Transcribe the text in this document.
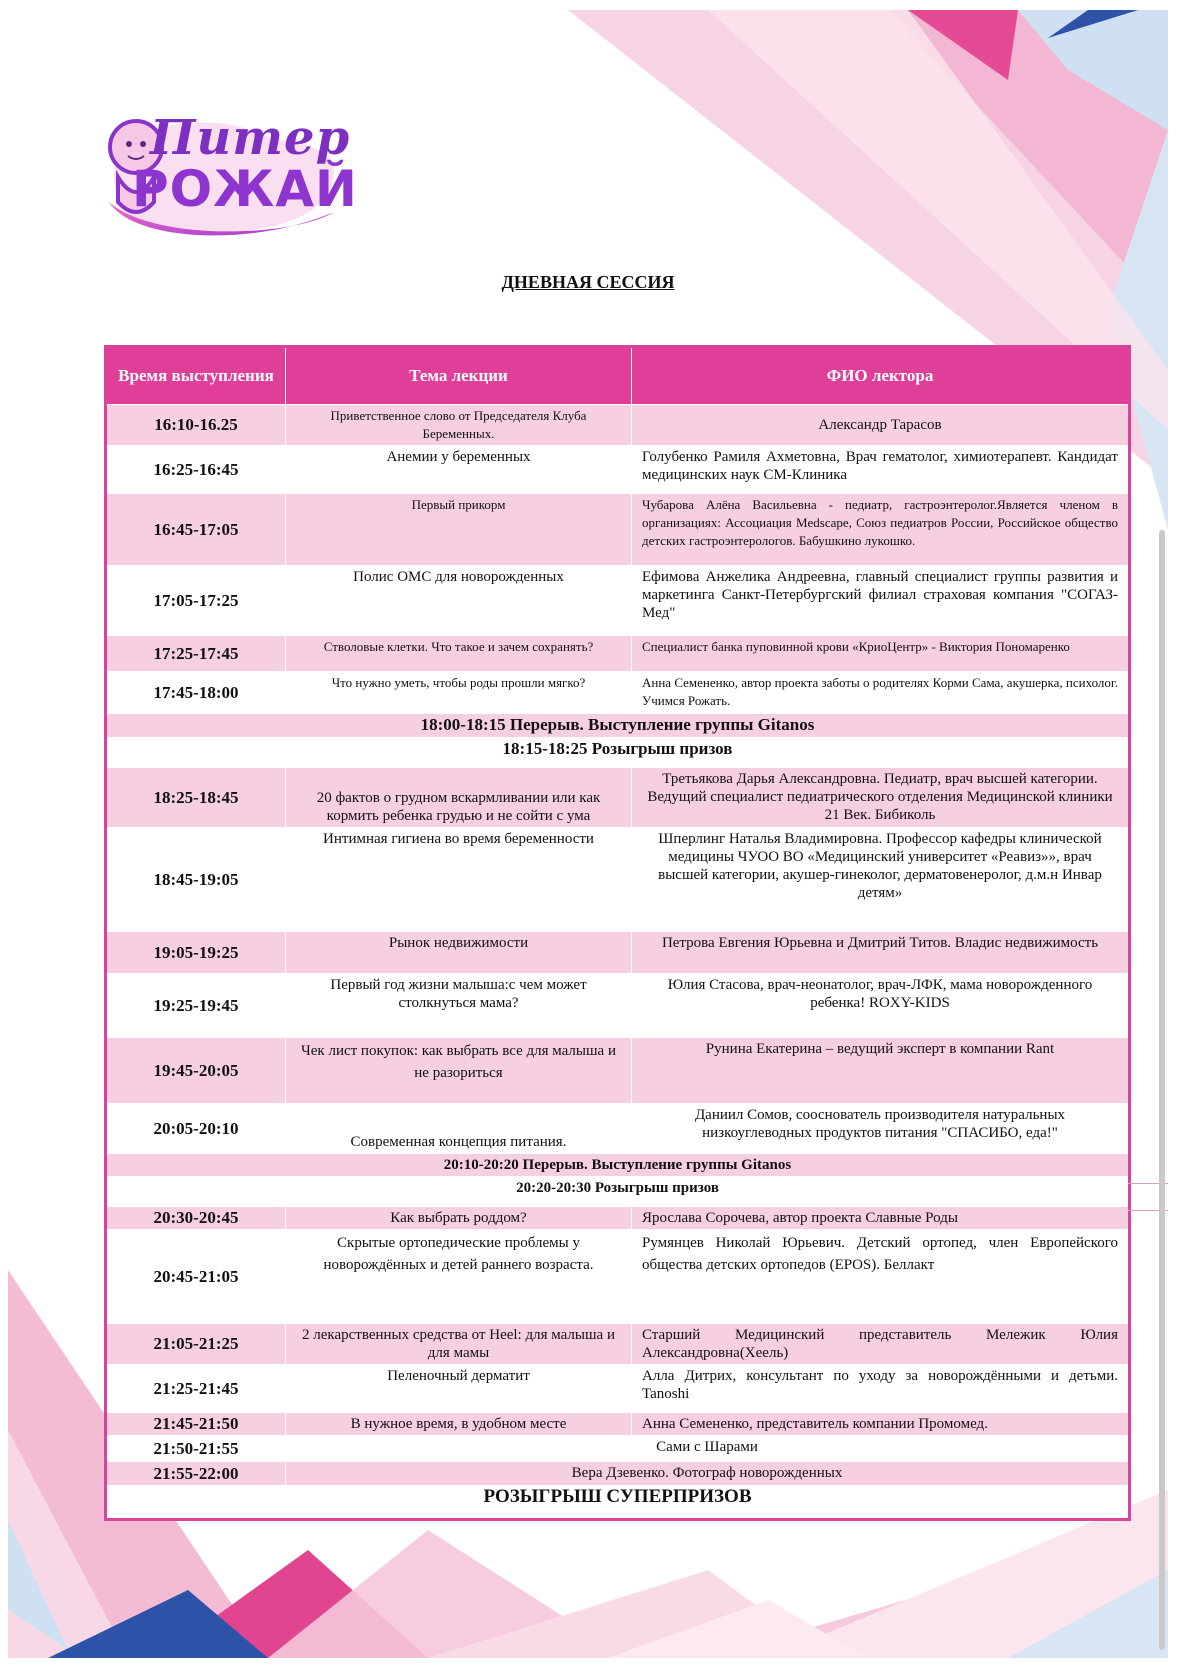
Питер
РОЖАЙ
ДНЕВНАЯ СЕССИЯ
Время выступления	Тема лекции	ФИО лектора
16:10-16.25	Приветственное слово от Председателя Клуба Беременных.	Александр Тарасов
16:25-16:45	Анемии у беременных	Голубенко Рамиля Ахметовна, Врач гематолог, химиотерапевт. Кандидат медицинских наук СМ-Клиника
16:45-17:05	Первый прикорм	Чубарова Алёна Васильевна - педиатр, гастроэнтеролог.Является членом в организациях: Ассоциация Medscape, Союз педиатров России, Российское общество детских гастроэнтерологов. Бабушкино лукошко.
17:05-17:25	Полис ОМС для новорожденных	Ефимова Анжелика Андреевна, главный специалист группы развития и маркетинга Санкт-Петербургский филиал страховая компания "СОГАЗ-Мед"
17:25-17:45	Стволовые клетки. Что такое и зачем сохранять?	Специалист банка пуповинной крови «КриоЦентр» - Виктория Пономаренко
17:45-18:00	Что нужно уметь, чтобы роды прошли мягко?	Анна Семененко, автор проекта заботы о родителях Корми Сама, акушерка, психолог. Учимся Рожать.
18:00-18:15 Перерыв. Выступление группы Gitanos		
18:15-18:25 Розыгрыш призов		
18:25-18:45	20 фактов о грудном вскармливании или как кормить ребенка грудью и не сойти с ума	Третьякова Дарья Александровна. Педиатр, врач высшей категории. Ведущий специалист педиатрического отделения Медицинской клиники 21 Век. Бибиколь
18:45-19:05	Интимная гигиена во время беременности	Шперлинг Наталья Владимировна. Профессор кафедры клинической медицины ЧУОО ВО «Медицинский университет «Реавиз»», врач высшей категории, акушер-гинеколог, дерматовенеролог, д.м.н Инвар детям»
19:05-19:25	Рынок недвижимости	Петрова Евгения Юрьевна и Дмитрий Титов. Владис недвижимость
19:25-19:45	Первый год жизни малыша:с чем может столкнуться мама?	Юлия Стасова, врач-неонатолог, врач-ЛФК, мама новорожденного ребенка! ROXY-KIDS
19:45-20:05	Чек лист покупок: как выбрать все для малыша и не разориться	Рунина Екатерина – ведущий эксперт в компании Rant
20:05-20:10	Современная концепция питания.	Даниил Сомов, сооснователь производителя натуральных низкоуглеводных продуктов питания "СПАСИБО, еда!"
20:10-20:20 Перерыв. Выступление группы Gitanos		
20:20-20:30 Розыгрыш призов		
20:30-20:45	Как выбрать роддом?	Ярослава Сорочева, автор проекта Славные Роды
20:45-21:05	Скрытые ортопедические проблемы у новорождённых и детей раннего возраста.	Румянцев Николай Юрьевич. Детский ортопед, член Европейского общества детских ортопедов (EPOS). Беллакт
21:05-21:25	2 лекарственных средства от Heel: для малыша и для мамы	Старший Медицинский представитель Мележик Юлия Александровна(Хеель)
21:25-21:45	Пеленочный дерматит	Алла Дитрих, консультант по уходу за новорождёнными и детьми. Tanoshi
21:45-21:50	В нужное время, в удобном месте	Анна Семененко, представитель компании Промомед.
21:50-21:55	Сами с Шарами	
21:55-22:00	Вера Дзевенко. Фотограф новорожденных	
РОЗЫГРЫШ СУПЕРПРИЗОВ		
